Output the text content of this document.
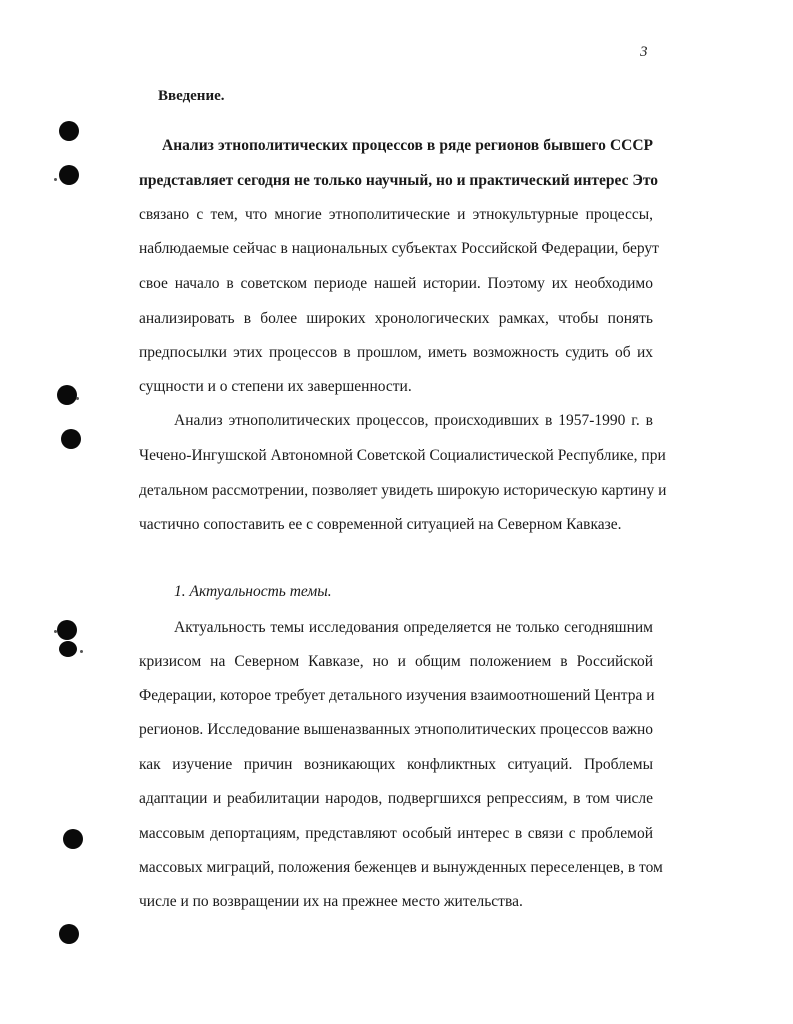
3
Введение.
Анализ этнополитических процессов в ряде регионов бывшего СССР
представляет сегодня не только научный, но и практический интерес Это
связано с тем, что многие этнополитические и этнокультурные процессы,
наблюдаемые сейчас в национальных субъектах Российской Федерации, берут
свое начало в советском периоде нашей истории. Поэтому их необходимо
анализировать в более широких хронологических рамках, чтобы понять
предпосылки этих процессов в прошлом, иметь возможность судить об их
сущности и о степени их завершенности.
Анализ этнополитических процессов, происходивших в 1957-1990 г. в
Чечено-Ингушской Автономной Советской Социалистической Республике, при
детальном рассмотрении, позволяет увидеть широкую историческую картину и
частично сопоставить ее с современной ситуацией на Северном Кавказе.
1. Актуальность темы.
Актуальность темы исследования определяется не только сегодняшним
кризисом на Северном Кавказе, но и общим положением в Российской
Федерации, которое требует детального изучения взаимоотношений Центра и
регионов. Исследование вышеназванных этнополитических процессов важно
как изучение причин возникающих конфликтных ситуаций. Проблемы
адаптации и реабилитации народов, подвергшихся репрессиям, в том числе
массовым депортациям, представляют особый интерес в связи с проблемой
массовых миграций, положения беженцев и вынужденных переселенцев, в том
числе и по возвращении их на прежнее место жительства.
